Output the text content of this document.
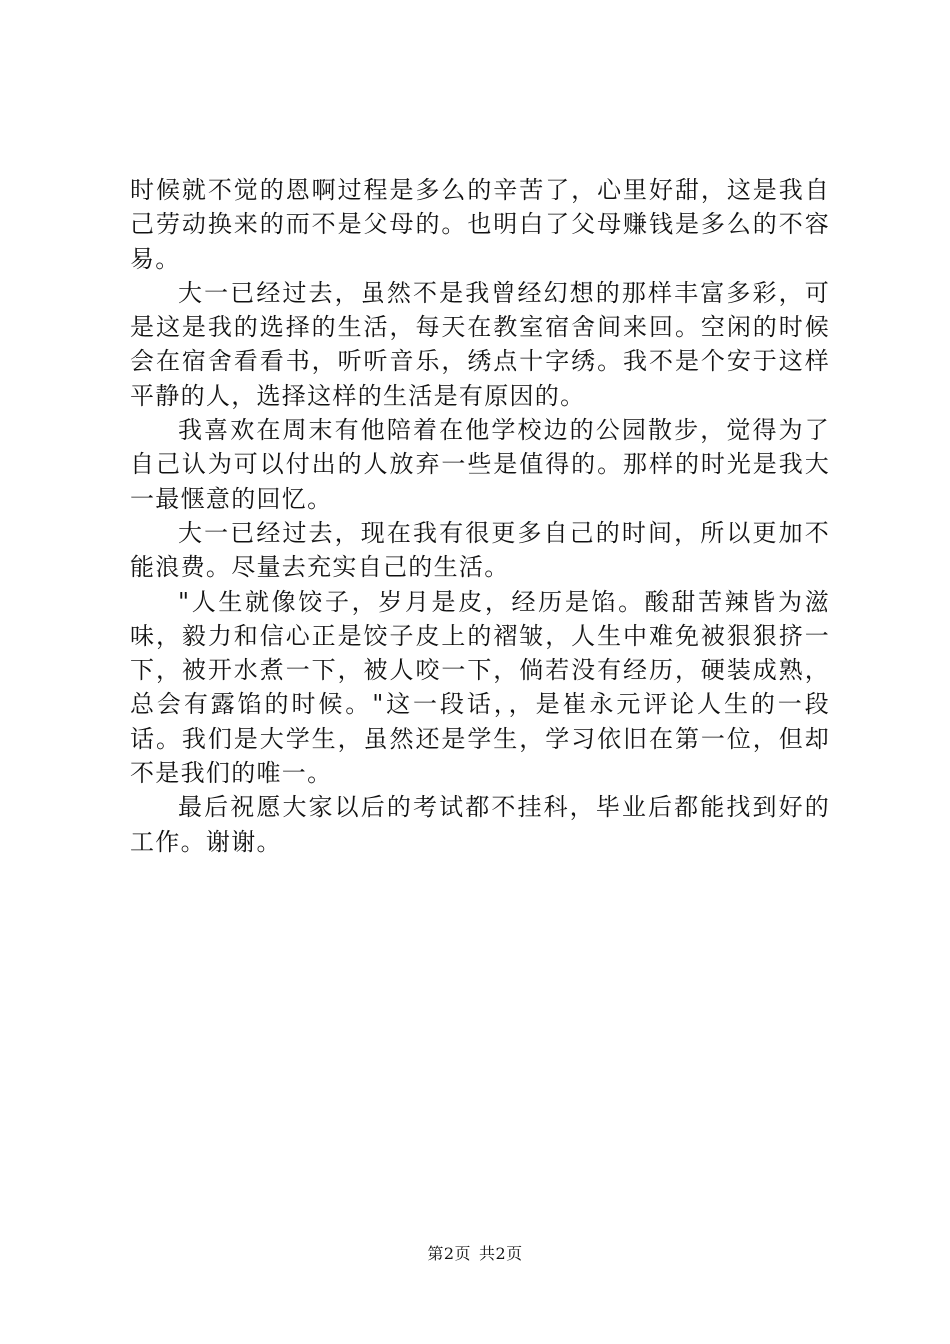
时候就不觉的恩啊过程是多么的辛苦了，心里好甜，这是我自己劳动换来的而不是父母的。也明白了父母赚钱是多么的不容易。

大一已经过去，虽然不是我曾经幻想的那样丰富多彩，可是这是我的选择的生活，每天在教室宿舍间来回。空闲的时候会在宿舍看看书，听听音乐，绣点十字绣。我不是个安于这样平静的人，选择这样的生活是有原因的。

我喜欢在周末有他陪着在他学校边的公园散步，觉得为了自己认为可以付出的人放弃一些是值得的。那样的时光是我大一最惬意的回忆。

大一已经过去，现在我有很更多自己的时间，所以更加不能浪费。尽量去充实自己的生活。

"人生就像饺子，岁月是皮，经历是馅。酸甜苦辣皆为滋味，毅力和信心正是饺子皮上的褶皱，人生中难免被狠狠挤一下，被开水煮一下，被人咬一下，倘若没有经历，硬装成熟，总会有露馅的时候。"这一段话，，是崔永元评论人生的一段话。我们是大学生，虽然还是学生，学习依旧在第一位，但却不是我们的唯一。

最后祝愿大家以后的考试都不挂科，毕业后都能找到好的工作。谢谢。

第2页 共2页
